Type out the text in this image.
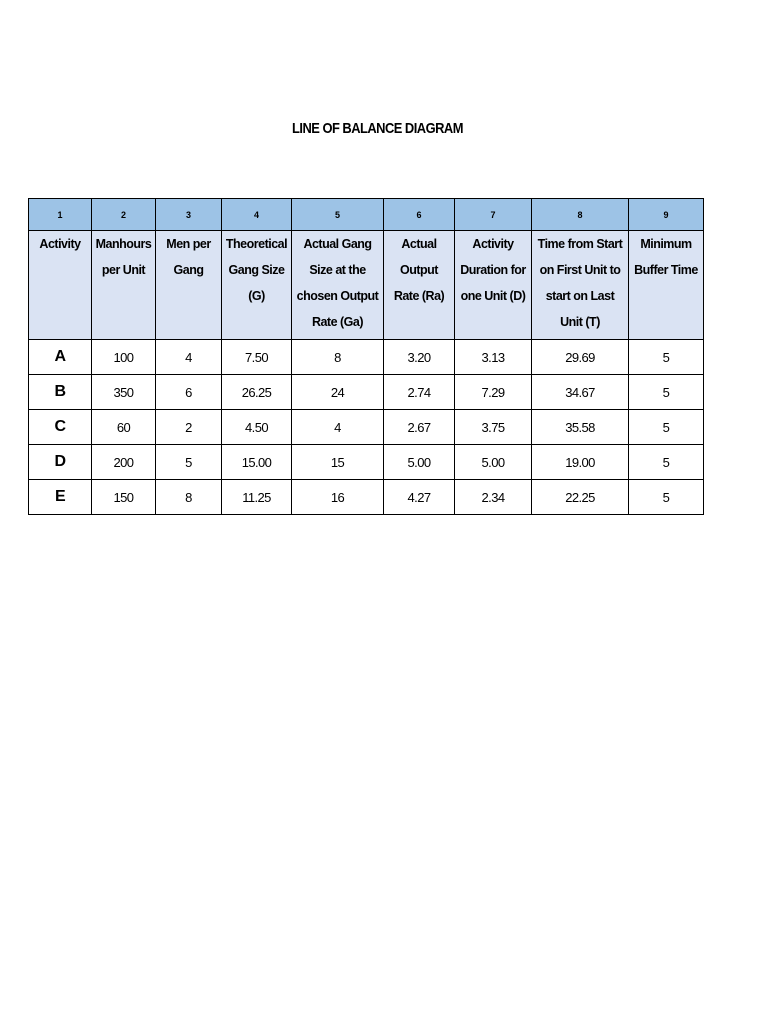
LINE OF BALANCE DIAGRAM
1	2	3	4	5	6	7	8	9
Activity	Manhours per Unit	Men per Gang	Theoretical Gang Size (G)	Actual Gang Size at the chosen Output Rate (Ga)	Actual Output Rate (Ra)	Activity Duration for one Unit (D)	Time from Start on First Unit to start on Last Unit (T)	Minimum Buffer Time
A	100	4	7.50	8	3.20	3.13	29.69	5
B	350	6	26.25	24	2.74	7.29	34.67	5
C	60	2	4.50	4	2.67	3.75	35.58	5
D	200	5	15.00	15	5.00	5.00	19.00	5
E	150	8	11.25	16	4.27	2.34	22.25	5
